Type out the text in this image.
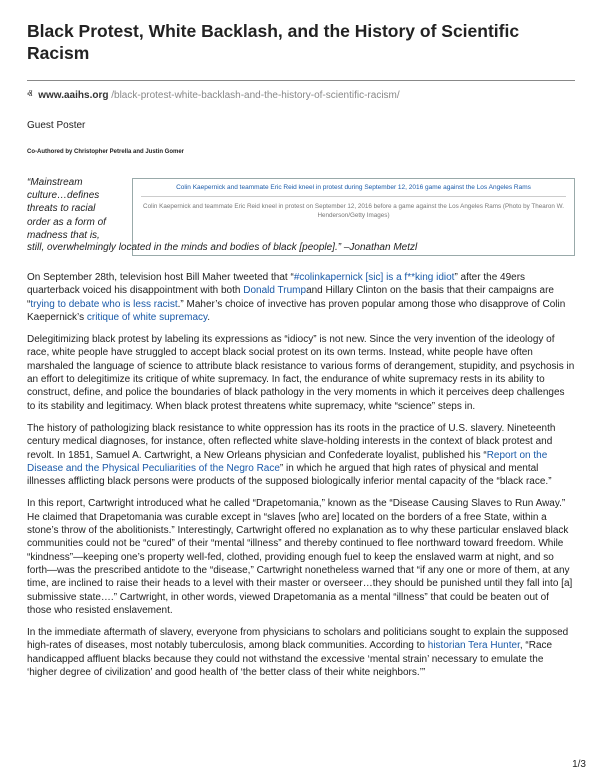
Black Protest, White Backlash, and the History of Scientific Racism
ⱏ www.aaihs.org /black-protest-white-backlash-and-the-history-of-scientific-racism/
Guest Poster
Co-Authored by Christopher Petrella and Justin Gomer
“Mainstream
culture…defines
threats to racial
order as a form of
madness that is,
Colin Kaepernick and teammate Eric Reid kneel in protest during September 12, 2016 game against the Los Angeles Rams
Colin Kaepernick and teammate Eric Reid kneel in protest on September 12, 2016 before a game against the Los Angeles Rams (Photo by Thearon W. Henderson/Getty Images)
still, overwhelmingly located in the minds and bodies of black [people].” –Jonathan Metzl

On September 28th, television host Bill Maher tweeted that “#colinkapernick [sic] is a f**king idiot” after the 49ers quarterback voiced his disappointment with both Donald Trumpand Hillary Clinton on the basis that their campaigns are “trying to debate who is less racist.” Maher’s choice of invective has proven popular among those who disapprove of Colin Kaepernick’s critique of white supremacy.

Delegitimizing black protest by labeling its expressions as “idiocy” is not new. Since the very invention of the ideology of race, white people have struggled to accept black social protest on its own terms. Instead, white people have often marshaled the language of science to attribute black resistance to various forms of derangement, stupidity, and psychosis in an effort to delegitimize its critique of white supremacy. In fact, the endurance of white supremacy rests in its ability to construct, define, and police the boundaries of black pathology in the very moments in which it perceives deep challenges to its stability and legitimacy. When black protest threatens white supremacy, white “science” steps in.

The history of pathologizing black resistance to white oppression has its roots in the practice of U.S. slavery. Nineteenth century medical diagnoses, for instance, often reflected white slave-holding interests in the context of black protest and revolt. In 1851, Samuel A. Cartwright, a New Orleans physician and Confederate loyalist, published his “Report on the Disease and the Physical Peculiarities of the Negro Race” in which he argued that high rates of physical and mental illnesses afflicting black persons were products of the supposed biologically inferior mental capacity of the “black race.”

In this report, Cartwright introduced what he called “Drapetomania,” known as the “Disease Causing Slaves to Run Away.” He claimed that Drapetomania was curable except in “slaves [who are] located on the borders of a free State, within a stone’s throw of the abolitionists.” Interestingly, Cartwright offered no explanation as to why these particular enslaved black communities could not be “cured” of their “mental “illness” and thereby continued to flee northward toward freedom. While “kindness”—keeping one’s property well-fed, clothed, providing enough fuel to keep the enslaved warm at night, and so forth—was the prescribed antidote to the “disease,” Cartwright nonetheless warned that “if any one or more of them, at any time, are inclined to raise their heads to a level with their master or overseer…they should be punished until they fall into [a] submissive state….” Cartwright, in other words, viewed Drapetomania as a mental “illness” that could be beaten out of those who resisted enslavement.

In the immediate aftermath of slavery, everyone from physicians to scholars and politicians sought to explain the supposed high-rates of diseases, most notably tuberculosis, among black communities. According to historian Tera Hunter, “Race handicapped affluent blacks because they could not withstand the excessive ‘mental strain’ necessary to emulate the ‘higher degree of civilization’ and good health of ‘the better class of their white neighbors.’”

1/3
